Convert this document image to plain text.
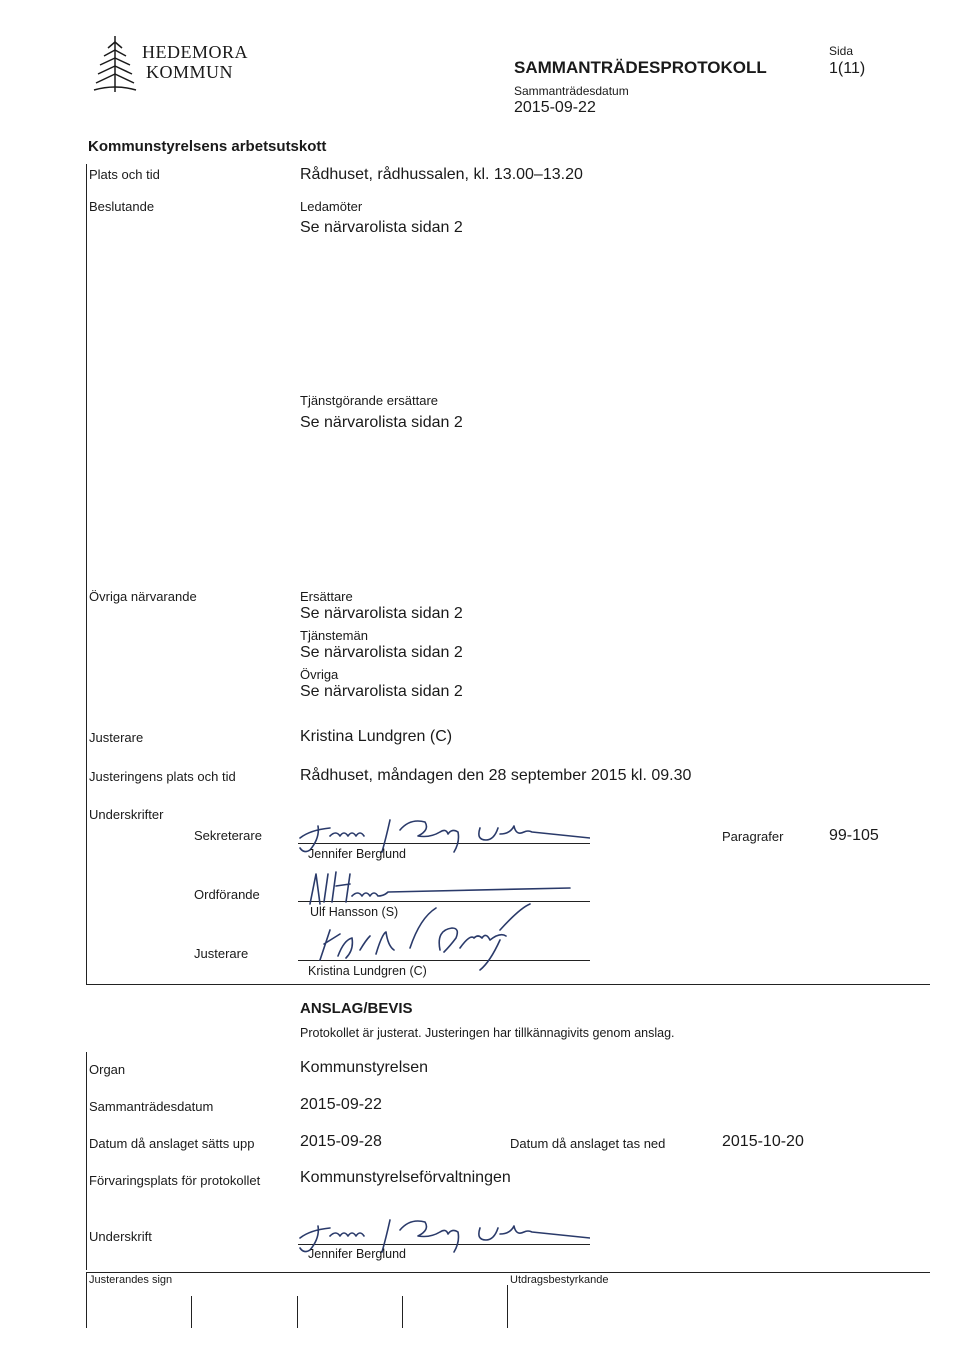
HEDEMORA
KOMMUN	SAMMANTRÄDESPROTOKOLL
Sammanträdesdatum
2015-09-22
Sida
1(11)
Kommunstyrelsens arbetsutskott
Plats och tid	Rådhuset, rådhussalen, kl. 13.00–13.20
Beslutande	Ledamöter
Se närvarolista sidan 2
Tjänstgörande ersättare
Se närvarolista sidan 2
Övriga närvarande	Ersättare
Se närvarolista sidan 2
Tjänstemän
Se närvarolista sidan 2
Övriga
Se närvarolista sidan 2
Justerare	Kristina Lundgren (C)
Justeringens plats och tid	Rådhuset, måndagen den 28 september 2015 kl. 09.30
Underskrifter
Sekreterare
Jennifer Berglund
Paragrafer	99-105
Ordförande
Ulf Hansson (S)
Justerare
Kristina Lundgren (C)
ANSLAG/BEVIS
Protokollet är justerat. Justeringen har tillkännagivits genom anslag.
Organ	Kommunstyrelsen
Sammanträdesdatum	2015-09-22
Datum då anslaget sätts upp	2015-09-28	Datum då anslaget tas ned	2015-10-20
Förvaringsplats för protokollet Kommunstyrelseförvaltningen
Underskrift
Jennifer Berglund
Justerandes sign	Utdragsbestyrkande
